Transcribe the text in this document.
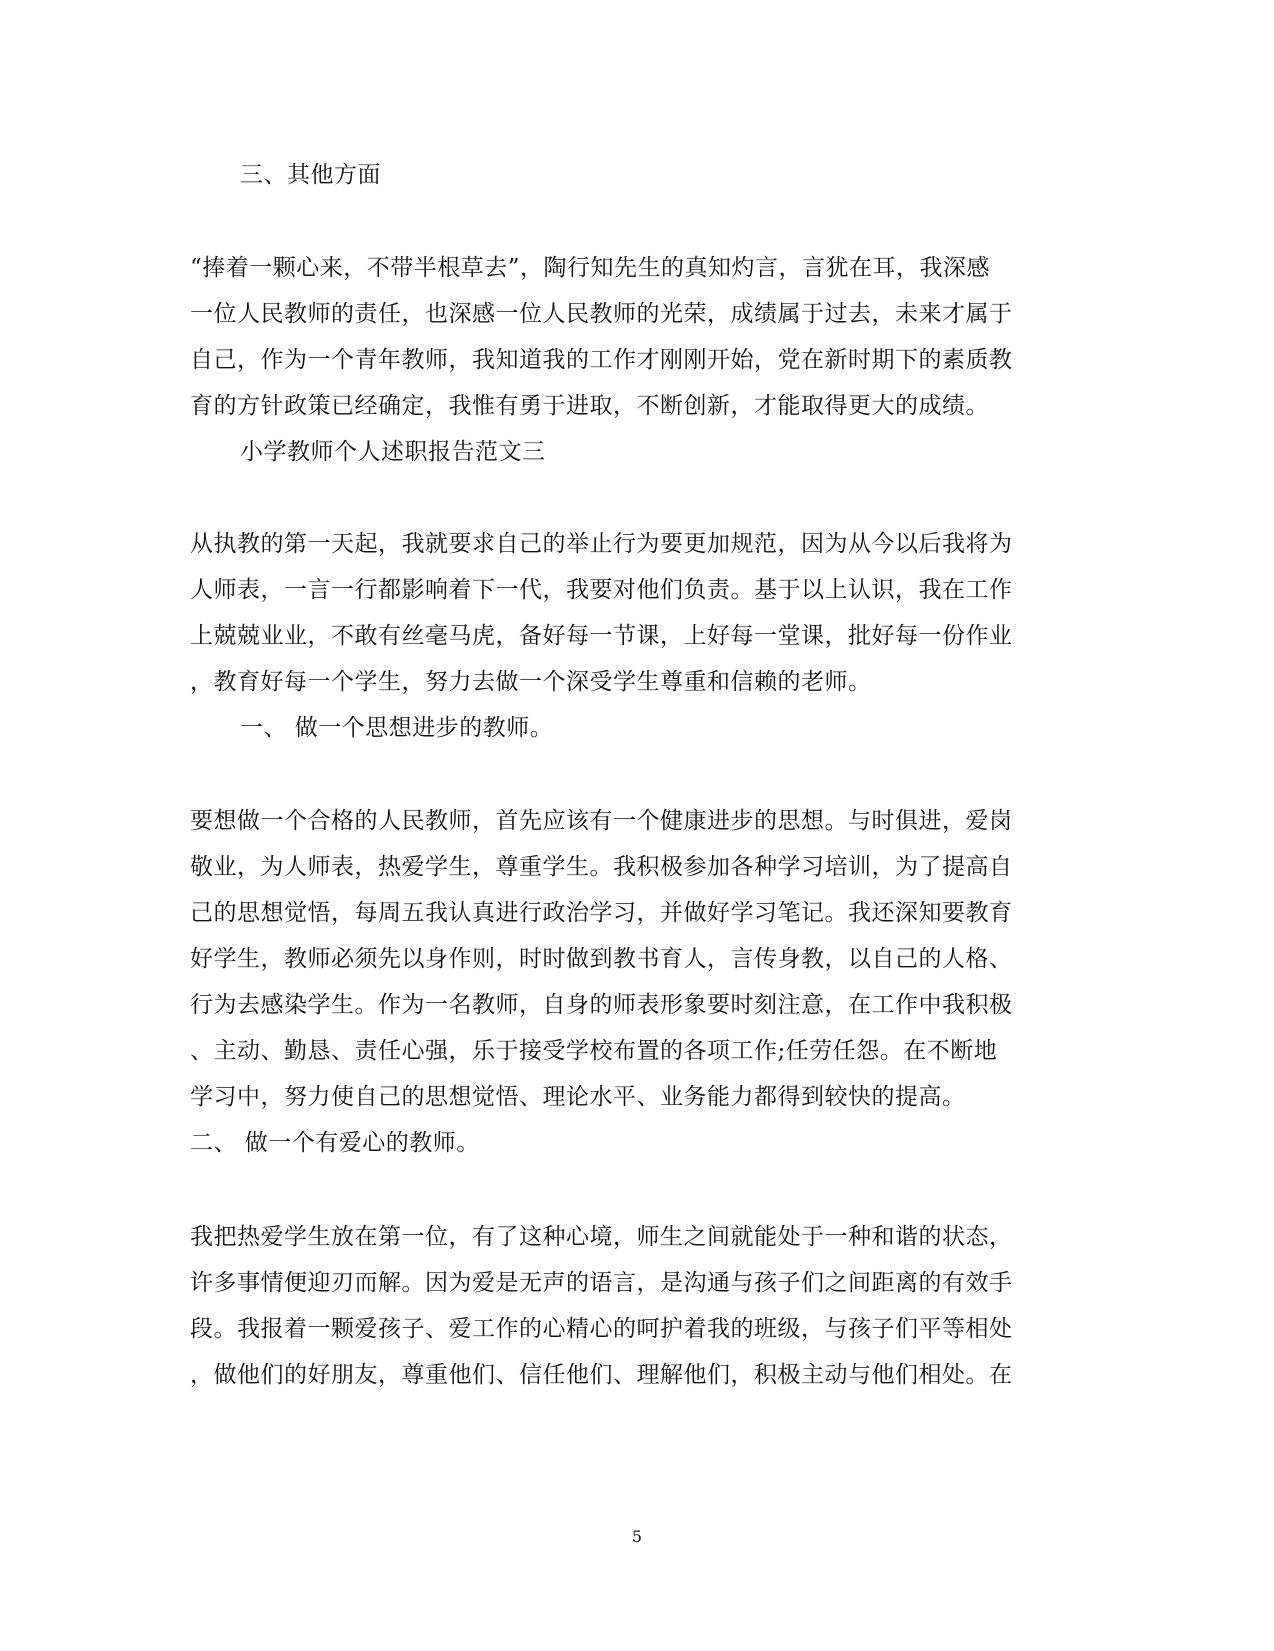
三、其他方面
“捧着一颗心来，不带半根草去”，陶行知先生的真知灼言，言犹在耳，我深感
一位人民教师的责任，也深感一位人民教师的光荣，成绩属于过去，未来才属于
自己，作为一个青年教师，我知道我的工作才刚刚开始，党在新时期下的素质教
育的方针政策已经确定，我惟有勇于进取，不断创新，才能取得更大的成绩。
小学教师个人述职报告范文三
从执教的第一天起，我就要求自己的举止行为要更加规范，因为从今以后我将为
人师表，一言一行都影响着下一代，我要对他们负责。基于以上认识，我在工作
上兢兢业业，不敢有丝毫马虎，备好每一节课，上好每一堂课，批好每一份作业
，教育好每一个学生，努力去做一个深受学生尊重和信赖的老师。
一、 做一个思想进步的教师。
要想做一个合格的人民教师，首先应该有一个健康进步的思想。与时俱进，爱岗
敬业，为人师表，热爱学生，尊重学生。我积极参加各种学习培训，为了提高自
己的思想觉悟，每周五我认真进行政治学习，并做好学习笔记。我还深知要教育
好学生，教师必须先以身作则，时时做到教书育人，言传身教，以自己的人格、
行为去感染学生。作为一名教师，自身的师表形象要时刻注意，在工作中我积极
、主动、勤恳、责任心强，乐于接受学校布置的各项工作;任劳任怨。在不断地
学习中，努力使自己的思想觉悟、理论水平、业务能力都得到较快的提高。
二、 做一个有爱心的教师。
我把热爱学生放在第一位，有了这种心境，师生之间就能处于一种和谐的状态，
许多事情便迎刃而解。因为爱是无声的语言，是沟通与孩子们之间距离的有效手
段。我报着一颗爱孩子、爱工作的心精心的呵护着我的班级，与孩子们平等相处
，做他们的好朋友，尊重他们、信任他们、理解他们，积极主动与他们相处。在
5
